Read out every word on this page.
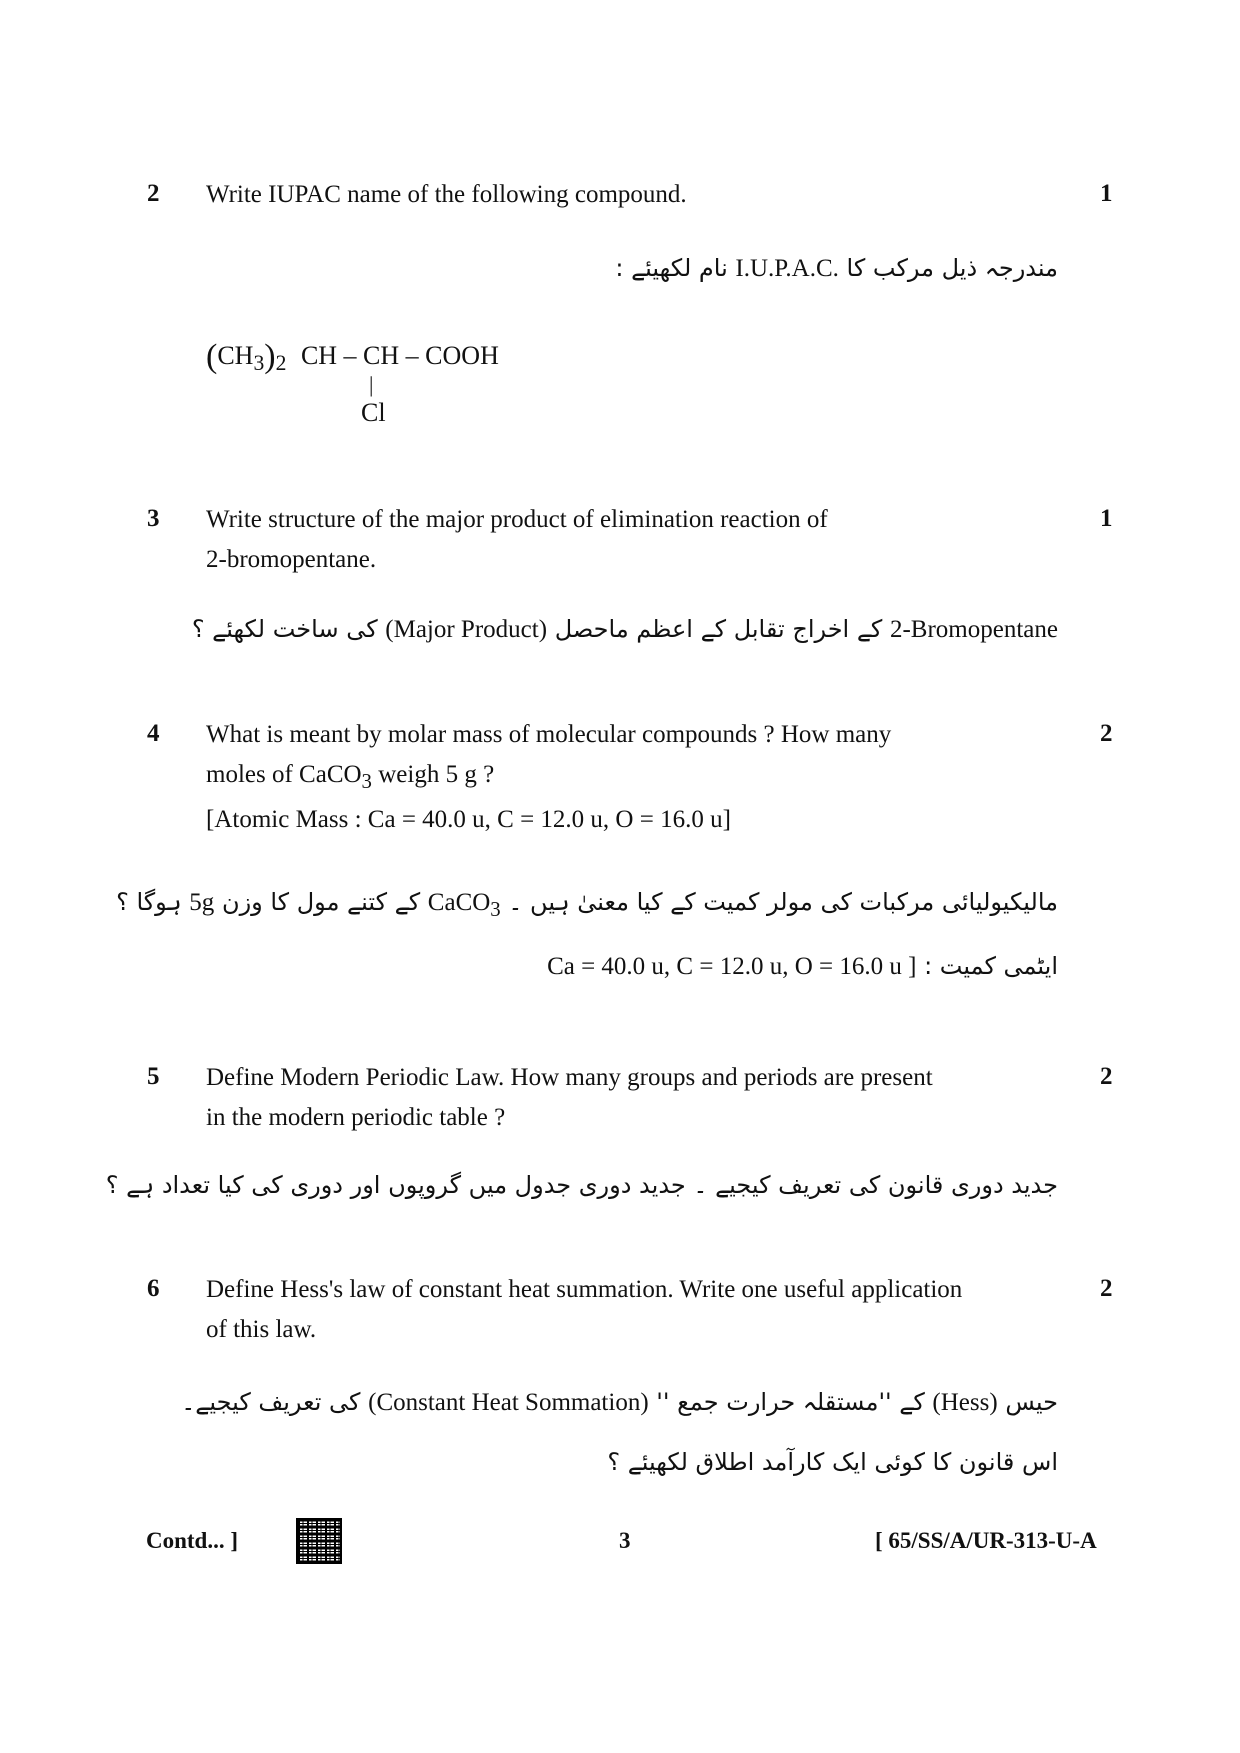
2 Write IUPAC name of the following compound.	1
مندرجہ ذیل مرکب کا I.U.P.A.C. نام لکھیئے :
$(CH_3)_2$ CH – CH – COOH
|
Cl
3 Write structure of the major product of elimination reaction of
2-bromopentane.
1
2-Bromopentane کے اخراج تقابل کے اعظم ماحصل (Major Product) کی ساخت لکھئے ؟
4 What is meant by molar mass of molecular compounds ? How many
moles of CaCO$_3$ weigh 5 g ?
[Atomic Mass : Ca = 40.0 u, C = 12.0 u, O = 16.0 u]
2
مالیکیولیائی مرکبات کی مولر کمیت کے کیا معنیٰ ہیں ۔ CaCO$_3$ کے کتنے مول کا وزن 5g ہوگا ؟
ایٹمی کمیت : Ca = 40.0 u, C = 12.0 u, O = 16.0 u ]
5 Define Modern Periodic Law. How many groups and periods are present
in the modern periodic table ?
2
جدید دوری قانون کی تعریف کیجیے ۔ جدید دوری جدول میں گروپوں اور دوری کی کیا تعداد ہے ؟
6 Define Hess's law of constant heat summation. Write one useful application
of this law.
2
حیس (Hess) کے ''مستقلہ حرارت جمع '' (Constant Heat Sommation) کی تعریف کیجیے۔
اس قانون کا کوئی ایک کارآمد اطلاق لکھیئے ؟
Contd... ]	3	[ 65/SS/A/UR-313-U-A
